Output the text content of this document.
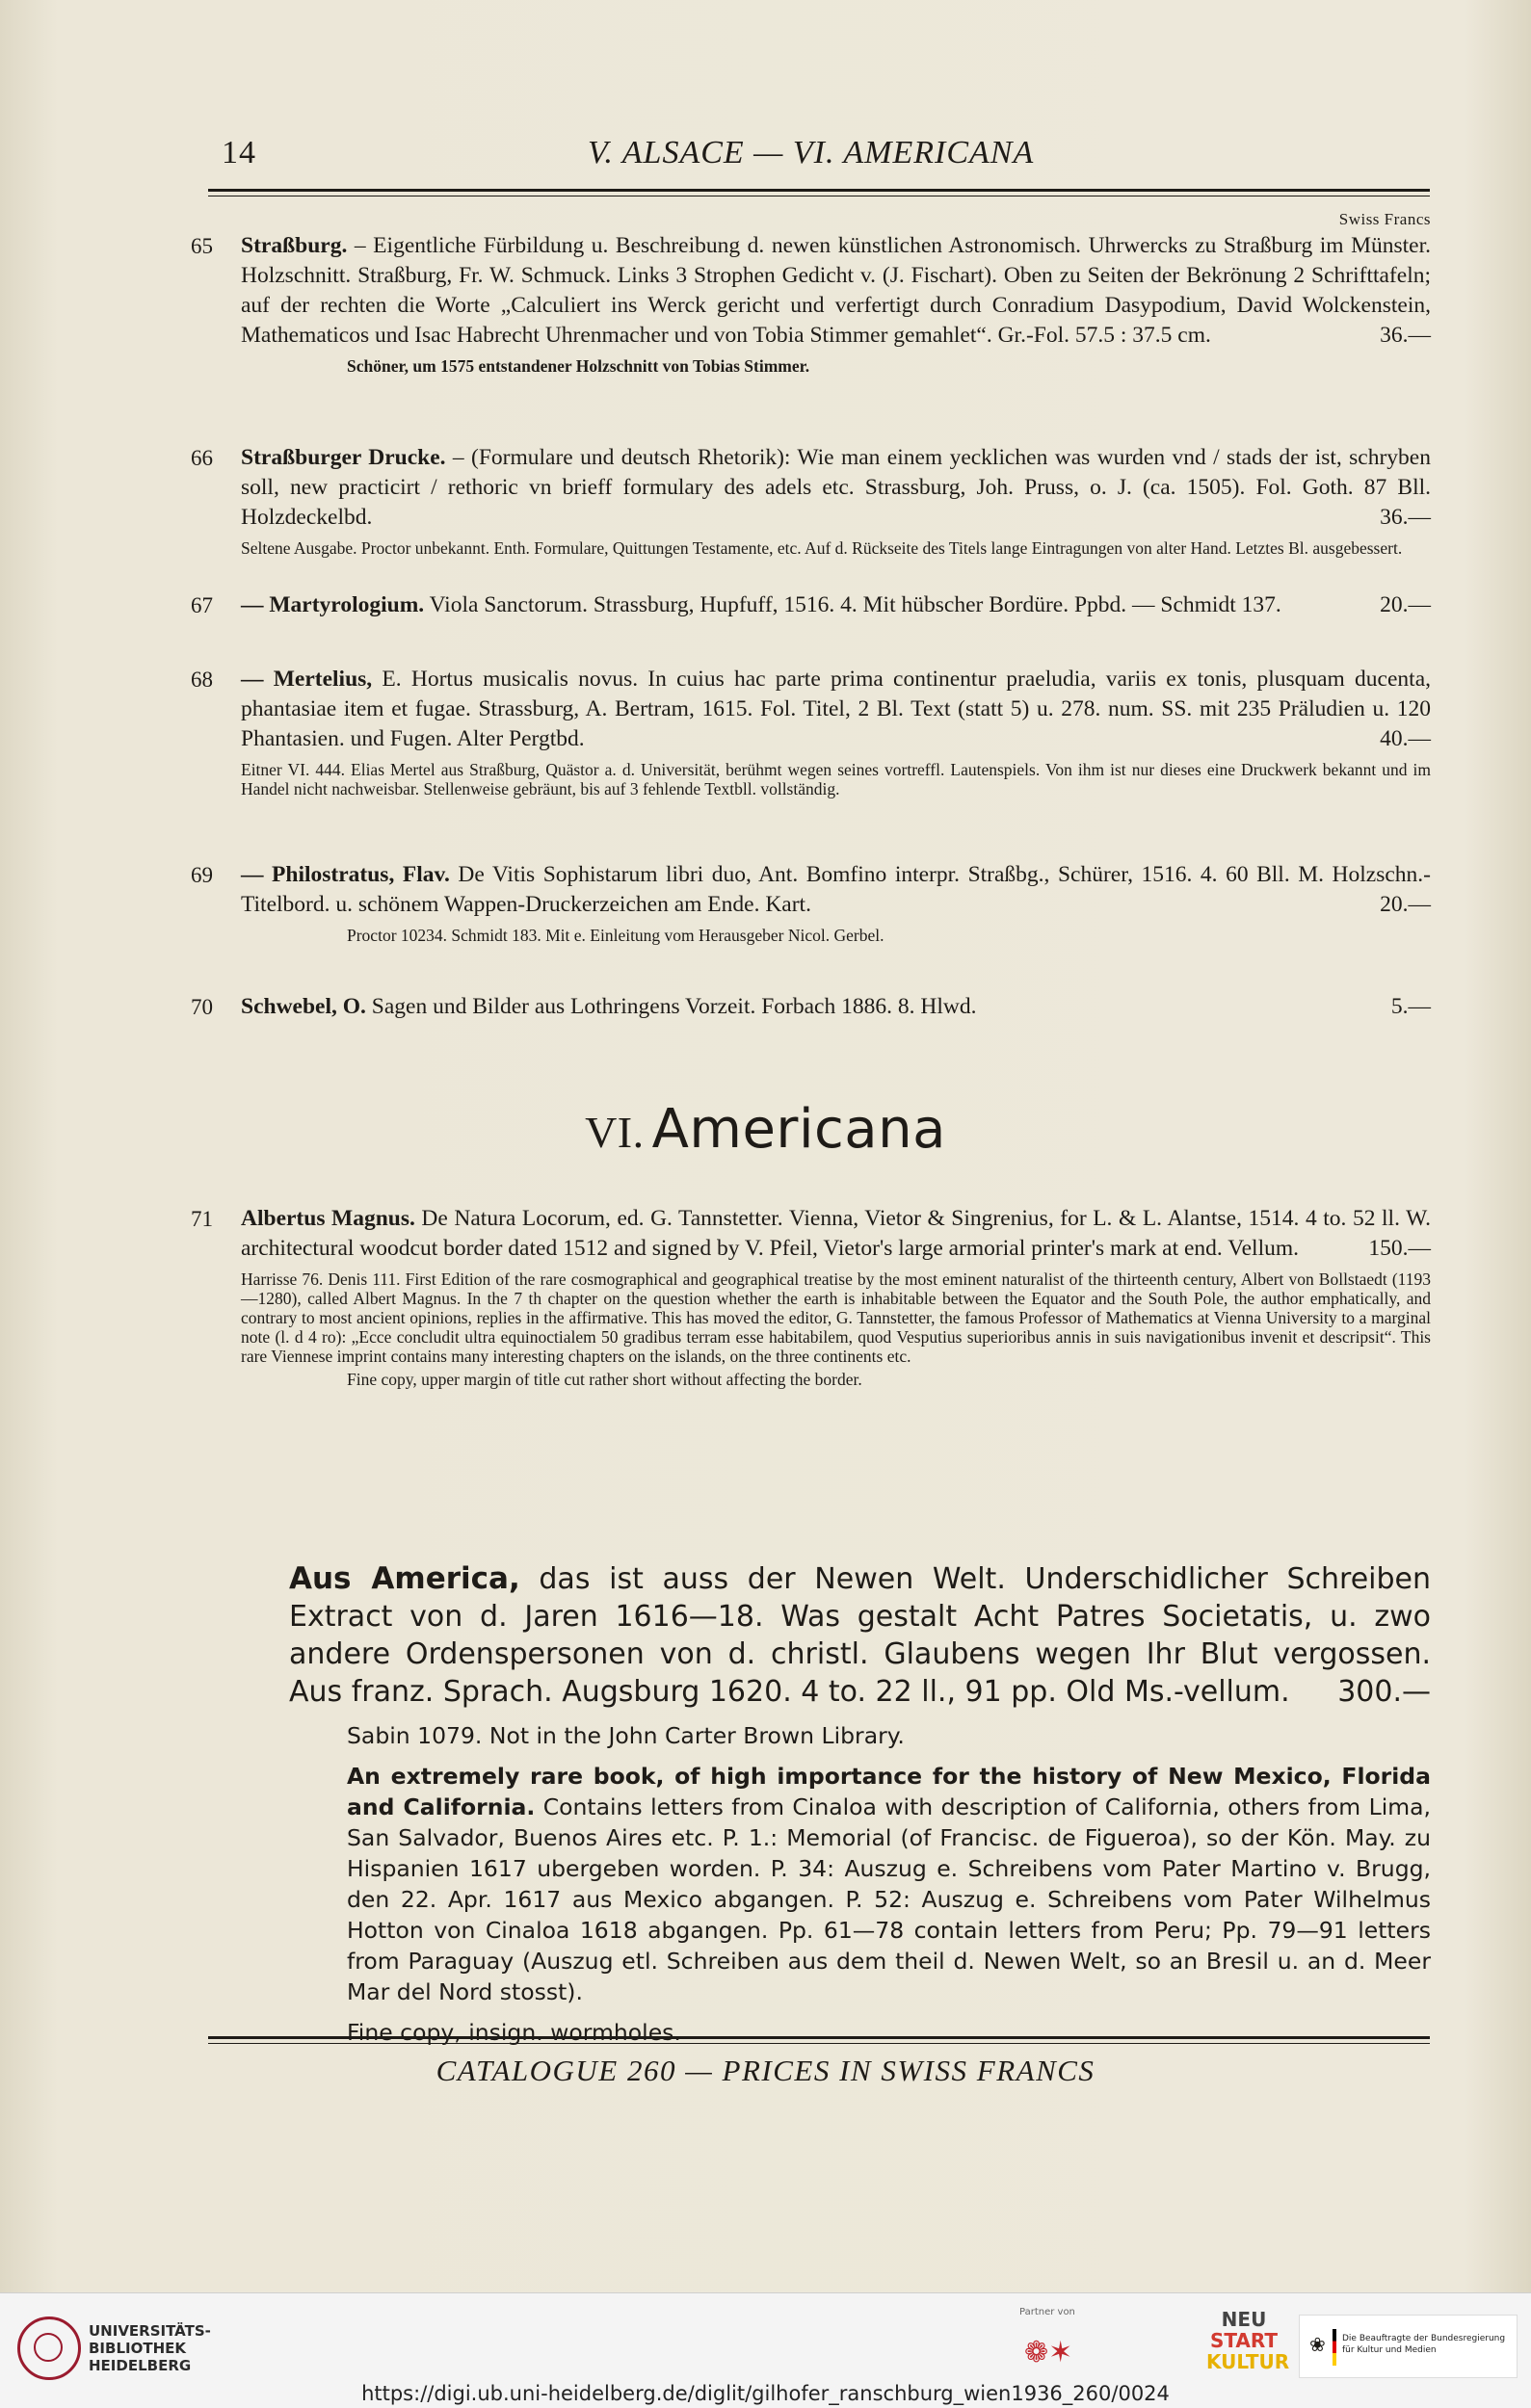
14	V. ALSACE — VI. AMERICANA
Swiss Francs
65 Straßburg. – Eigentliche Fürbildung u. Beschreibung d. newen künstlichen Astronomisch. Uhrwercks zu Straßburg im Münster. Holzschnitt. Straßburg, Fr. W. Schmuck. Links 3 Strophen Gedicht v. (J. Fischart). Oben zu Seiten der Bekrönung 2 Schrifttafeln; auf der rechten die Worte „Calculiert ins Werck gericht und verfertigt durch Conradium Dasypodium, David Wolckenstein, Mathematicos und Isac Habrecht Uhrenmacher und von Tobia Stimmer gemahlet“. Gr.-Fol. 57.5 : 37.5 cm.	36.—
Schöner, um 1575 entstandener Holzschnitt von Tobias Stimmer.
66 Straßburger Drucke. – (Formulare und deutsch Rhetorik): Wie man einem yecklichen was wurden vnd / stads der ist, schryben soll, new practicirt / rethoric vn brieff formulary des adels etc. Strassburg, Joh. Pruss, o. J. (ca. 1505). Fol. Goth. 87 Bll. Holzdeckelbd.	36.—
Seltene Ausgabe. Proctor unbekannt. Enth. Formulare, Quittungen Testamente, etc. Auf d. Rückseite des Titels lange Eintragungen von alter Hand. Letztes Bl. ausgebessert.
67 — Martyrologium. Viola Sanctorum. Strassburg, Hupfuff, 1516. 4. Mit hübscher Bordüre. Ppbd. — Schmidt 137.	20.—
68 — Mertelius, E. Hortus musicalis novus. In cuius hac parte prima continentur praeludia, variis ex tonis, plusquam ducenta, phantasiae item et fugae. Strassburg, A. Bertram, 1615. Fol. Titel, 2 Bl. Text (statt 5) u. 278. num. SS. mit 235 Präludien u. 120 Phantasien. und Fugen. Alter Pergtbd.	40.—
Eitner VI. 444. Elias Mertel aus Straßburg, Quästor a. d. Universität, berühmt wegen seines vortreffl. Lautenspiels. Von ihm ist nur dieses eine Druckwerk bekannt und im Handel nicht nachweisbar. Stellenweise gebräunt, bis auf 3 fehlende Textbll. vollständig.
69 — Philostratus, Flav. De Vitis Sophistarum libri duo, Ant. Bomfino interpr. Straßbg., Schürer, 1516. 4. 60 Bll. M. Holzschn.-Titelbord. u. schönem Wappen-Druckerzeichen am Ende. Kart.	20.—
Proctor 10234. Schmidt 183. Mit e. Einleitung vom Herausgeber Nicol. Gerbel.
70 Schwebel, O. Sagen und Bilder aus Lothringens Vorzeit. Forbach 1886. 8. Hlwd.	5.—
VI. Americana
71 Albertus Magnus. De Natura Locorum, ed. G. Tannstetter. Vienna, Vietor & Singrenius, for L. & L. Alantse, 1514. 4 to. 52 ll. W. architectural woodcut border dated 1512 and signed by V. Pfeil, Vietor's large armorial printer's mark at end. Vellum.	150.—
Harrisse 76. Denis 111. First Edition of the rare cosmographical and geographical treatise by the most eminent naturalist of the thirteenth century, Albert von Bollstaedt (1193—1280), called Albert Magnus. In the 7 th chapter on the question whether the earth is inhabitable between the Equator and the South Pole, the author emphatically, and contrary to most ancient opinions, replies in the affirmative. This has moved the editor, G. Tannstetter, the famous Professor of Mathematics at Vienna University to a marginal note (l. d 4 ro): „Ecce concludit ultra equinoctialem 50 gradibus terram esse habitabilem, quod Vesputius superioribus annis in suis navigationibus invenit et descripsit“. This rare Viennese imprint contains many interesting chapters on the islands, on the three continents etc.
Fine copy, upper margin of title cut rather short without affecting the border.
Aus America, das ist auss der Newen Welt. Underschidlicher Schreiben Extract von d. Jaren 1616—18. Was gestalt Acht Patres Societatis, u. zwo andere Ordenspersonen von d. christl. Glaubens wegen Ihr Blut vergossen. Aus franz. Sprach. Augsburg 1620. 4 to. 22 ll., 91 pp. Old Ms.-vellum.	300.—
Sabin 1079. Not in the John Carter Brown Library.
An extremely rare book, of high importance for the history of New Mexico, Florida and California. Contains letters from Cinaloa with description of California, others from Lima, San Salvador, Buenos Aires etc. P. 1.: Memorial (of Francisc. de Figueroa), so der Kön. May. zu Hispanien 1617 ubergeben worden. P. 34: Auszug e. Schreibens vom Pater Martino v. Brugg, den 22. Apr. 1617 aus Mexico abgangen. P. 52: Auszug e. Schreibens vom Pater Wilhelmus Hotton von Cinaloa 1618 abgangen. Pp. 61—78 contain letters from Peru; Pp. 79—91 letters from Paraguay (Auszug etl. Schreiben aus dem theil d. Newen Welt, so an Bresil u. an d. Meer Mar del Nord stosst).
Fine copy, insign. wormholes.
CATALOGUE 260 — PRICES IN SWISS FRANCS
UNIVERSITÄTS-
BIBLIOTHEK
HEIDELBERG
Partner von
❁✶
NEU
START
KULTUR
❀ Die Beauftragte der Bundesregierung
für Kultur und Medien
https://digi.ub.uni-heidelberg.de/diglit/gilhofer_ranschburg_wien1936_260/0024
